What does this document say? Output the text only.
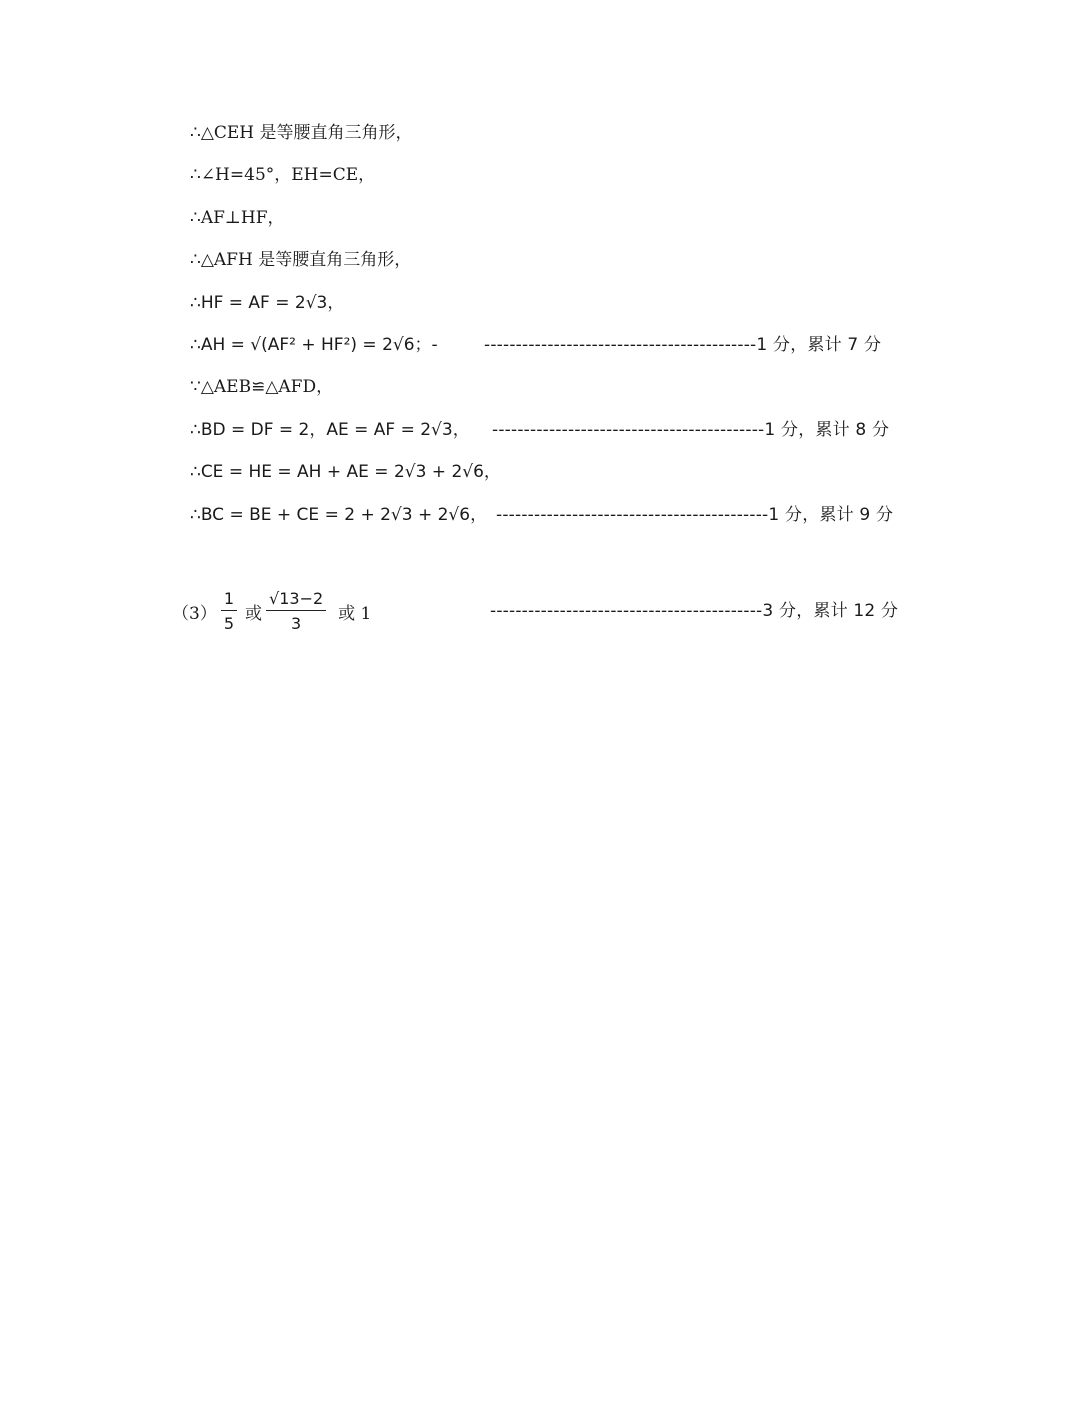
∴△CEH 是等腰直角三角形，
∴∠H=45°，EH=CE，
∴AF⊥HF，
∴△AFH 是等腰直角三角形，
∴HF = AF = 2√3，
∴AH = √(AF² + HF²) = 2√6；-	-------------------------------------------1 分，累计 7 分
∵△AEB≌△AFD，
∴BD = DF = 2，AE = AF = 2√3， -------------------------------------------1 分，累计 8 分
∴CE = HE = AH + AE = 2√3 + 2√6，
∴BC = BE + CE = 2 + 2√3 + 2√6， -------------------------------------------1 分，累计 9 分
$(3) \frac{1}{5}$ 或 $\frac{√13-2}{3}$ 或 1	-------------------------------------------3 分，累计 12 分
